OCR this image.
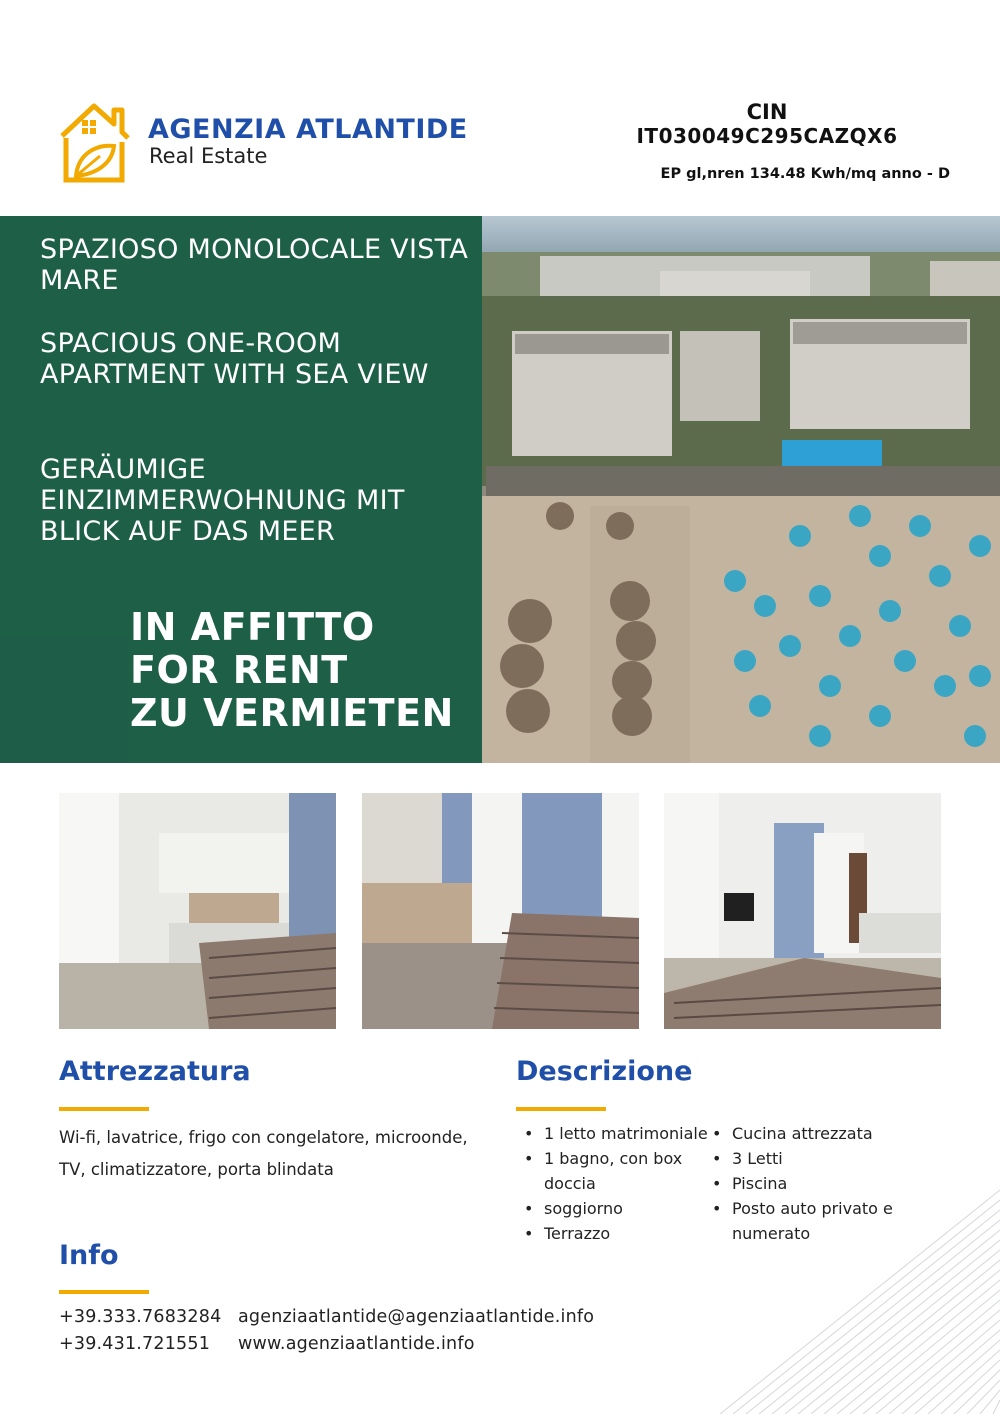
AGENZIA ATLANTIDE
Real Estate
CIN
IT030049C295CAZQX6
EP gl,nren 134.48 Kwh/mq anno - D
SPAZIOSO MONOLOCALE VISTA MARE
SPACIOUS ONE-ROOM APARTMENT WITH SEA VIEW
GERÄUMIGE EINZIMMERWOHNUNG MIT BLICK AUF DAS MEER
IN AFFITTO
FOR RENT
ZU VERMIETEN
Attrezzatura
Wi-fi, lavatrice, frigo con congelatore, microonde, TV, climatizzatore, porta blindata
Descrizione
• 1 letto matrimoniale
• 1 bagno, con box doccia
• soggiorno
• Terrazzo
• Cucina attrezzata
• 3 Letti
• Piscina
• Posto auto privato e numerato
Info
+39.333.7683284
+39.431.721551
agenziaatlantide@agenziaatlantide.info
www.agenziaatlantide.info
